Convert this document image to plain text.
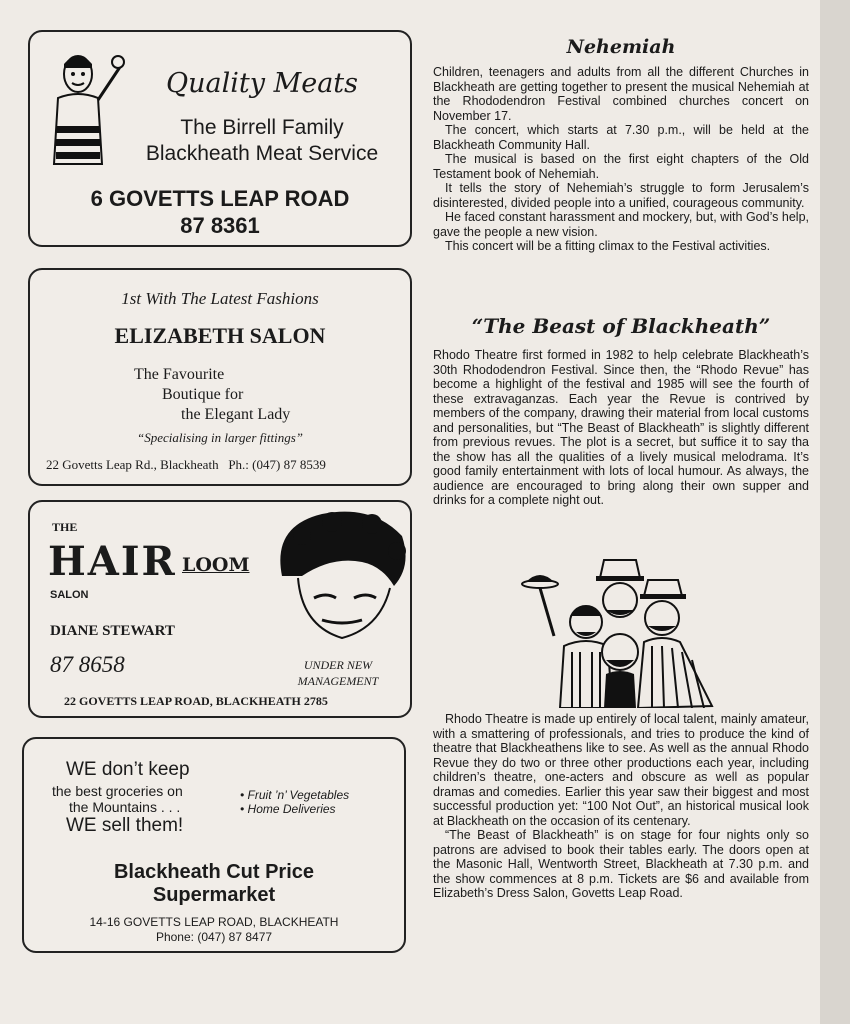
Quality Meats
The Birrell Family
Blackheath Meat Service
6 GOVETTS LEAP ROAD
87 8361
1st With The Latest Fashions
ELIZABETH SALON
The Favourite
Boutique for
the Elegant Lady
“Specialising in larger fittings”
22 Govetts Leap Rd., Blackheath   Ph.: (047) 87 8539
THE
HAIR LOOM
SALON
DIANE STEWART
87 8658	UNDER NEW
MANAGEMENT
22 GOVETTS LEAP ROAD, BLACKHEATH 2785
WE don’t keep
the best groceries on
the Mountains . . .
WE sell them!
• Fruit ’n’ Vegetables
• Home Deliveries
Blackheath Cut Price
Supermarket
14-16 GOVETTS LEAP ROAD, BLACKHEATH
Phone: (047) 87 8477
Nehemiah

Children, teenagers and adults from all the different Churches in Blackheath are getting together to present the musical Nehemiah at the Rhododendron Festival combined churches concert on November 17.

The concert, which starts at 7.30 p.m., will be held at the Blackheath Community Hall.

The musical is based on the first eight chapters of the Old Testament book of Nehemiah.

It tells the story of Nehemiah’s struggle to form Jerusalem’s disinterested, divided people into a unified, courageous community.

He faced constant harassment and mockery, but, with God’s help, gave the people a new vision.

This concert will be a fitting climax to the Festival activities.

“The Beast of Blackheath”

Rhodo Theatre first formed in 1982 to help celebrate Blackheath’s 30th Rhododendron Festival. Since then, the “Rhodo Revue” has become a highlight of the festival and 1985 will see the fourth of these extravaganzas. Each year the Revue is contrived by members of the company, drawing their material from local customs and personalities, but “The Beast of Blackheath” is slightly different from previous revues. The plot is a secret, but suffice it to say tha the show has all the qualities of a lively musical melodrama. It’s good family entertainment with lots of local humour. As always, the audience are encouraged to bring along their own supper and drinks for a complete night out.

Rhodo Theatre is made up entirely of local talent, mainly amateur, with a smattering of professionals, and tries to produce the kind of theatre that Blackheathens like to see. As well as the annual Rhodo Revue they do two or three other productions each year, including children’s theatre, one-acters and obscure as well as popular dramas and comedies. Earlier this year saw their biggest and most successful production yet: “100 Not Out”, an historical musical look at Blackheath on the occasion of its centenary.

“The Beast of Blackheath” is on stage for four nights only so patrons are advised to book their tables early. The doors open at the Masonic Hall, Wentworth Street, Blackheath at 7.30 p.m. and the show commences at 8 p.m. Tickets are $6 and available from Elizabeth’s Dress Salon, Govetts Leap Road.
